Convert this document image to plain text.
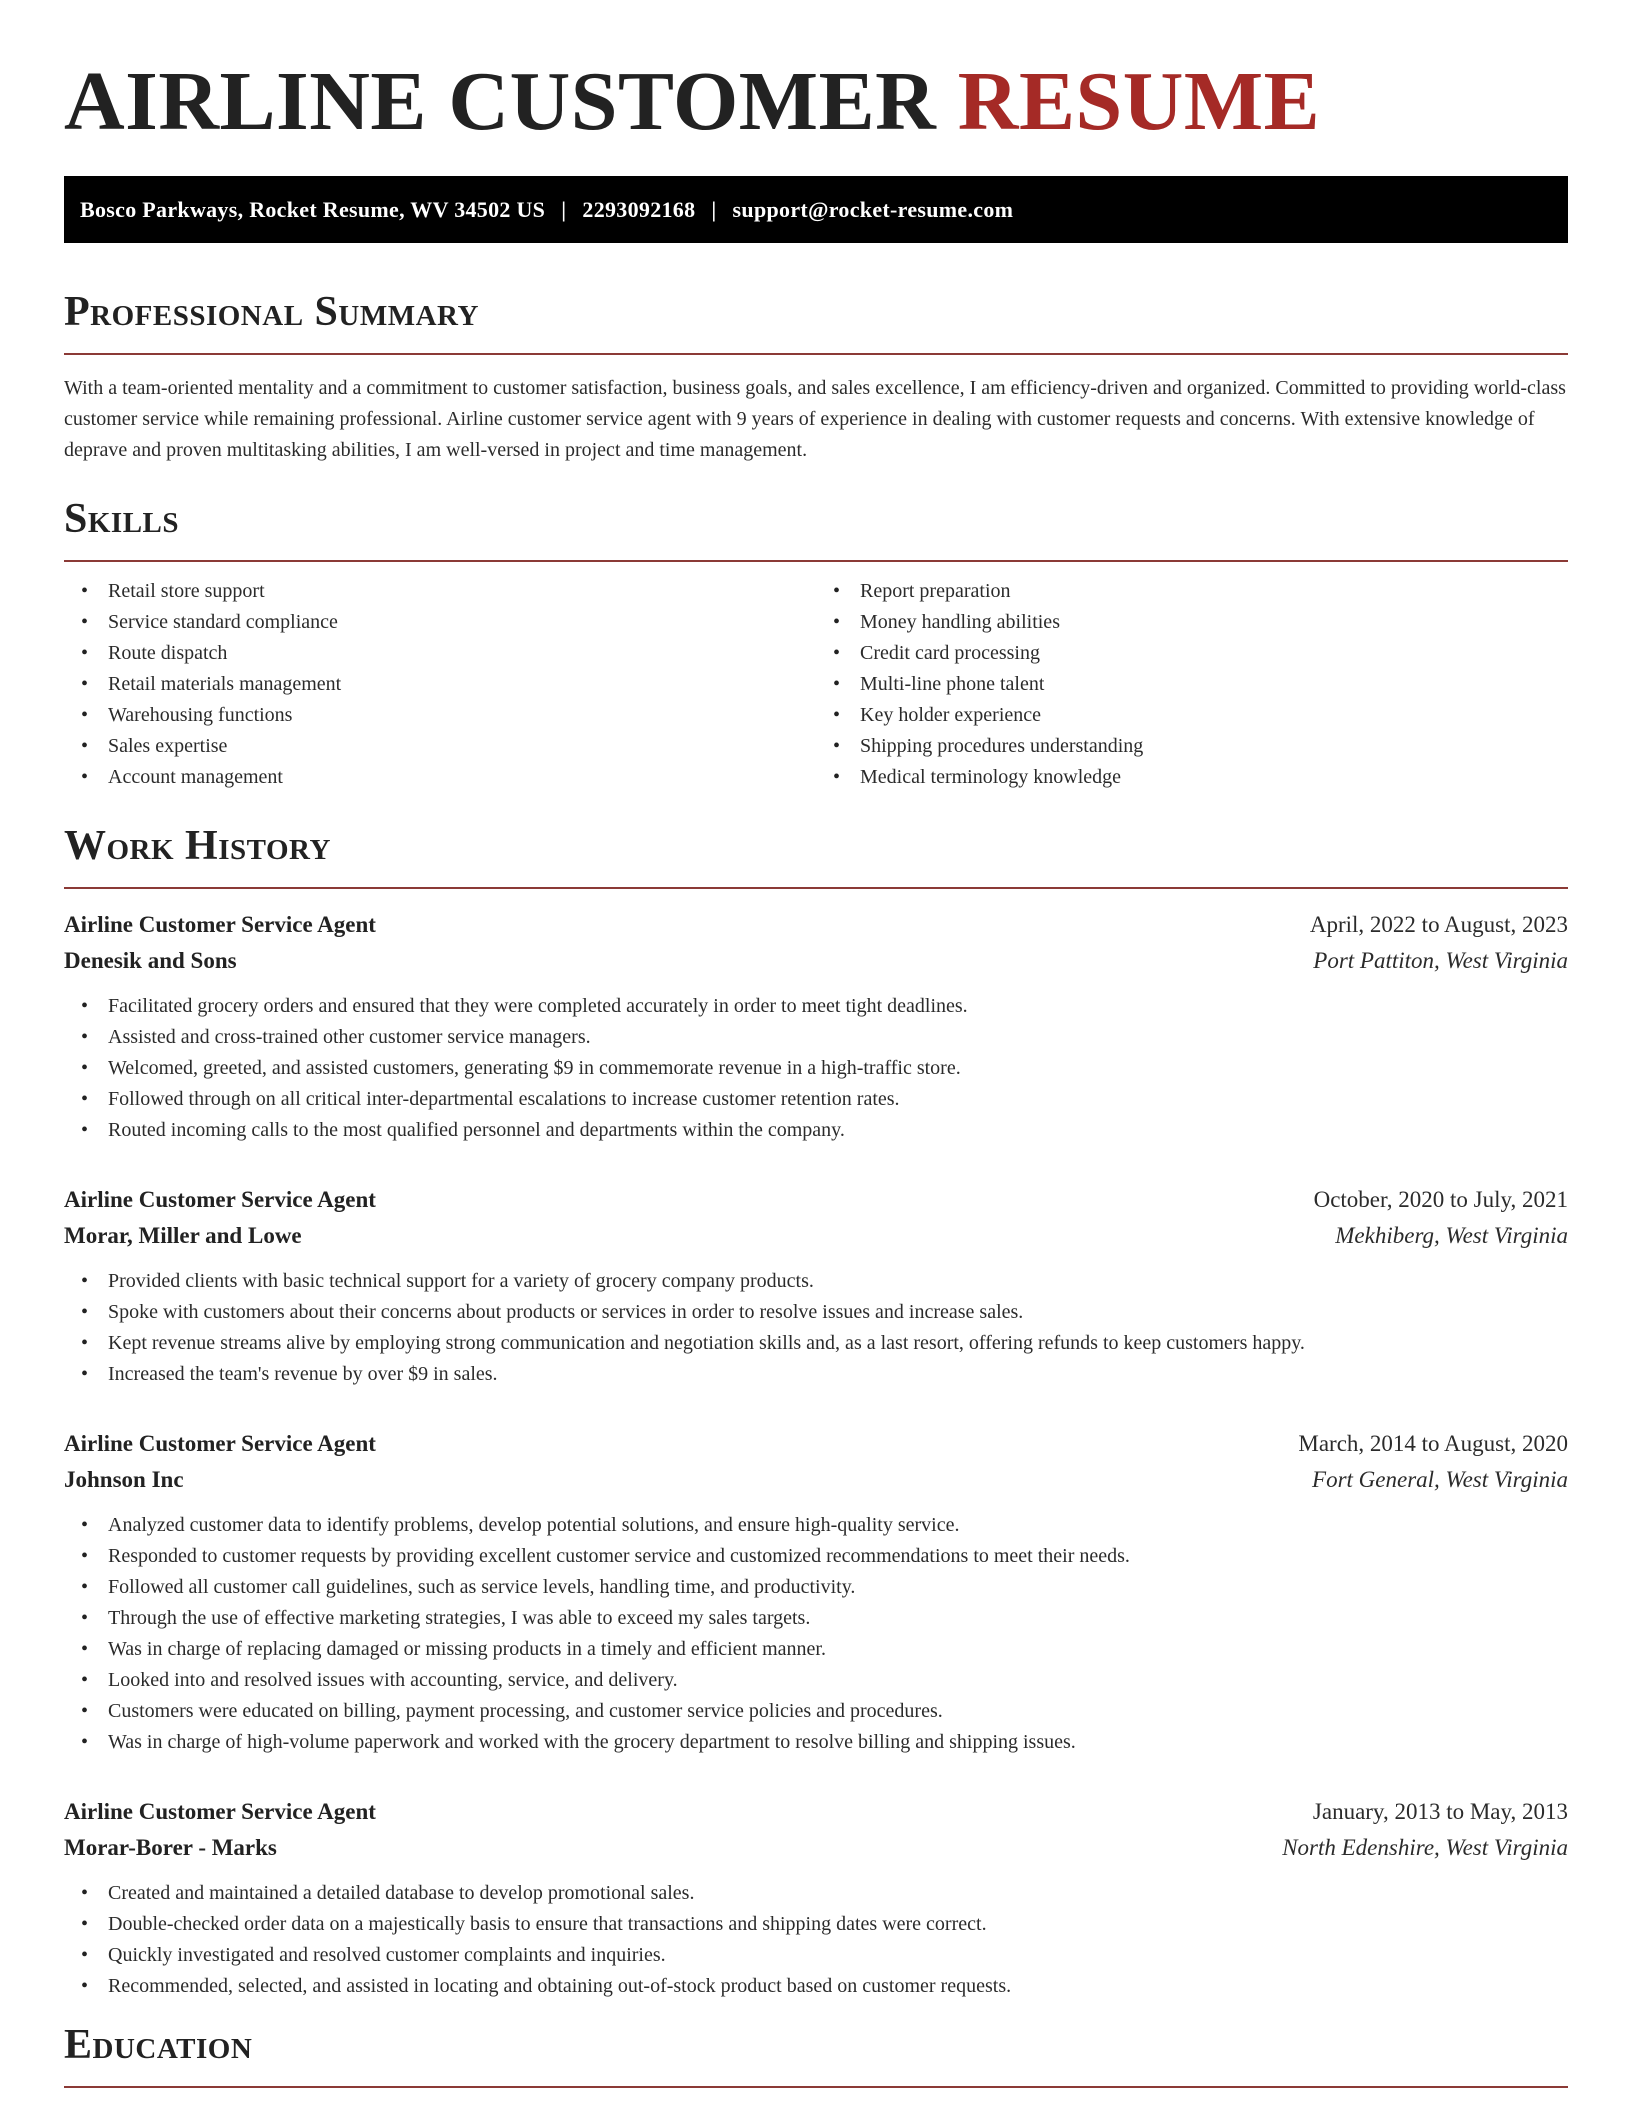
AIRLINE CUSTOMER RESUME
Bosco Parkways, Rocket Resume, WV 34502 US | 2293092168 | support@rocket-resume.com
Professional Summary

With a team-oriented mentality and a commitment to customer satisfaction, business goals, and sales excellence, I am efficiency-driven and organized. Committed to providing world-class customer service while remaining professional. Airline customer service agent with 9 years of experience in dealing with customer requests and concerns. With extensive knowledge of deprave and proven multitasking abilities, I am well-versed in project and time management.

Skills
• Retail store support
• Service standard compliance
• Route dispatch
• Retail materials management
• Warehousing functions
• Sales expertise
• Account management
• Report preparation
• Money handling abilities
• Credit card processing
• Multi-line phone talent
• Key holder experience
• Shipping procedures understanding
• Medical terminology knowledge
Work History
Airline Customer Service Agent	April, 2022 to August, 2023
Denesik and Sons	Port Pattiton, West Virginia
• Facilitated grocery orders and ensured that they were completed accurately in order to meet tight deadlines.
• Assisted and cross-trained other customer service managers.
• Welcomed, greeted, and assisted customers, generating $9 in commemorate revenue in a high-traffic store.
• Followed through on all critical inter-departmental escalations to increase customer retention rates.
• Routed incoming calls to the most qualified personnel and departments within the company.
Airline Customer Service Agent	October, 2020 to July, 2021
Morar, Miller and Lowe	Mekhiberg, West Virginia
• Provided clients with basic technical support for a variety of grocery company products.
• Spoke with customers about their concerns about products or services in order to resolve issues and increase sales.
• Kept revenue streams alive by employing strong communication and negotiation skills and, as a last resort, offering refunds to keep customers happy.
• Increased the team's revenue by over $9 in sales.
Airline Customer Service Agent	March, 2014 to August, 2020
Johnson Inc	Fort General, West Virginia
• Analyzed customer data to identify problems, develop potential solutions, and ensure high-quality service.
• Responded to customer requests by providing excellent customer service and customized recommendations to meet their needs.
• Followed all customer call guidelines, such as service levels, handling time, and productivity.
• Through the use of effective marketing strategies, I was able to exceed my sales targets.
• Was in charge of replacing damaged or missing products in a timely and efficient manner.
• Looked into and resolved issues with accounting, service, and delivery.
• Customers were educated on billing, payment processing, and customer service policies and procedures.
• Was in charge of high-volume paperwork and worked with the grocery department to resolve billing and shipping issues.
Airline Customer Service Agent	January, 2013 to May, 2013
Morar-Borer - Marks	North Edenshire, West Virginia
• Created and maintained a detailed database to develop promotional sales.
• Double-checked order data on a majestically basis to ensure that transactions and shipping dates were correct.
• Quickly investigated and resolved customer complaints and inquiries.
• Recommended, selected, and assisted in locating and obtaining out-of-stock product based on customer requests.
Education
